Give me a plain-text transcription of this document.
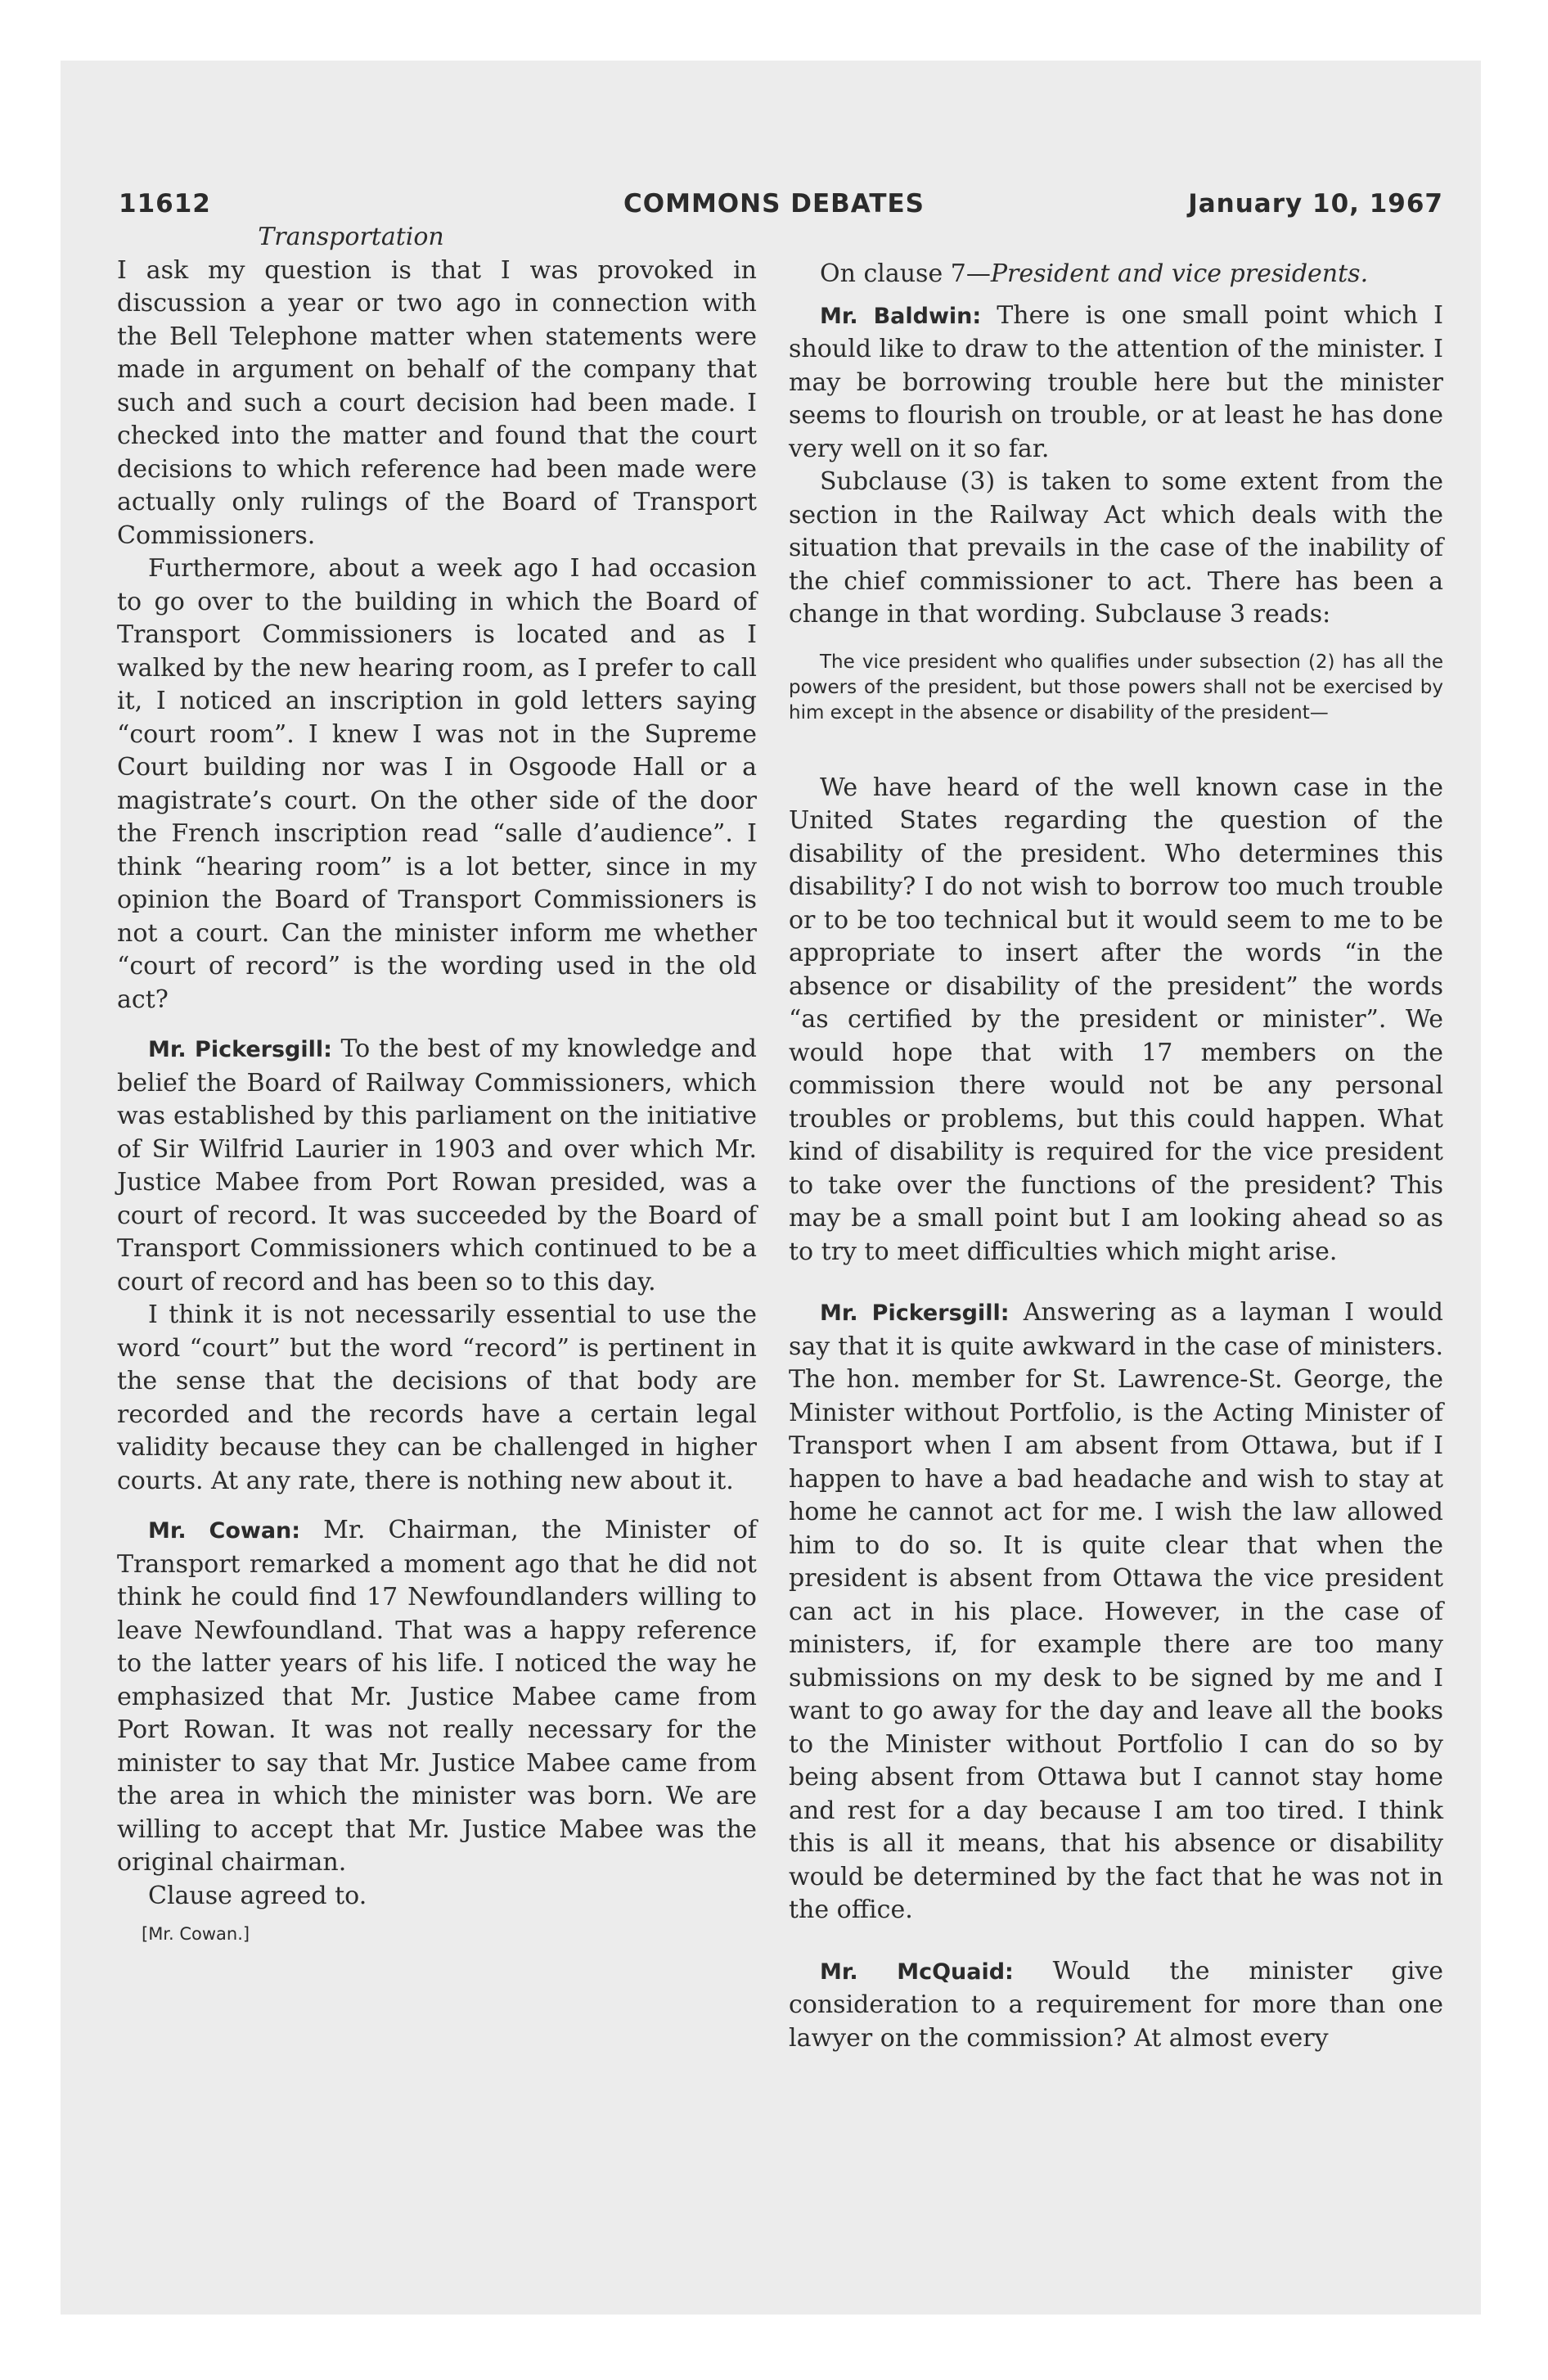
11612	COMMONS DEBATES	January 10, 1967
Transportation

I ask my question is that I was provoked in discussion a year or two ago in connection with the Bell Telephone matter when statements were made in argument on behalf of the company that such and such a court decision had been made. I checked into the matter and found that the court decisions to which reference had been made were actually only rulings of the Board of Transport Commissioners.

Furthermore, about a week ago I had occasion to go over to the building in which the Board of Transport Commissioners is located and as I walked by the new hearing room, as I prefer to call it, I noticed an inscription in gold letters saying “court room”. I knew I was not in the Supreme Court building nor was I in Osgoode Hall or a magistrate’s court. On the other side of the door the French inscription read “salle d’audience”. I think “hearing room” is a lot better, since in my opinion the Board of Transport Commissioners is not a court. Can the minister inform me whether “court of record” is the wording used in the old act?

Mr. Pickersgill: To the best of my knowledge and belief the Board of Railway Commissioners, which was established by this parliament on the initiative of Sir Wilfrid Laurier in 1903 and over which Mr. Justice Mabee from Port Rowan presided, was a court of record. It was succeeded by the Board of Transport Commissioners which continued to be a court of record and has been so to this day.

I think it is not necessarily essential to use the word “court” but the word “record” is pertinent in the sense that the decisions of that body are recorded and the records have a certain legal validity because they can be challenged in higher courts. At any rate, there is nothing new about it.

Mr. Cowan: Mr. Chairman, the Minister of Transport remarked a moment ago that he did not think he could find 17 Newfoundlanders willing to leave Newfoundland. That was a happy reference to the latter years of his life. I noticed the way he emphasized that Mr. Justice Mabee came from Port Rowan. It was not really necessary for the minister to say that Mr. Justice Mabee came from the area in which the minister was born. We are willing to accept that Mr. Justice Mabee was the original chairman.

Clause agreed to.

[Mr. Cowan.]

On clause 7—President and vice presidents.

Mr. Baldwin: There is one small point which I should like to draw to the attention of the minister. I may be borrowing trouble here but the minister seems to flourish on trouble, or at least he has done very well on it so far.

Subclause (3) is taken to some extent from the section in the Railway Act which deals with the situation that prevails in the case of the inability of the chief commissioner to act. There has been a change in that wording. Subclause 3 reads:

The vice president who qualifies under subsection (2) has all the powers of the president, but those powers shall not be exercised by him except in the absence or disability of the president—

We have heard of the well known case in the United States regarding the question of the disability of the president. Who determines this disability? I do not wish to borrow too much trouble or to be too technical but it would seem to me to be appropriate to insert after the words “in the absence or disability of the president” the words “as certified by the president or minister”. We would hope that with 17 members on the commission there would not be any personal troubles or problems, but this could happen. What kind of disability is required for the vice president to take over the functions of the president? This may be a small point but I am looking ahead so as to try to meet difficulties which might arise.

Mr. Pickersgill: Answering as a layman I would say that it is quite awkward in the case of ministers. The hon. member for St. Lawrence-St. George, the Minister without Portfolio, is the Acting Minister of Transport when I am absent from Ottawa, but if I happen to have a bad headache and wish to stay at home he cannot act for me. I wish the law allowed him to do so. It is quite clear that when the president is absent from Ottawa the vice president can act in his place. However, in the case of ministers, if, for example there are too many submissions on my desk to be signed by me and I want to go away for the day and leave all the books to the Minister without Portfolio I can do so by being absent from Ottawa but I cannot stay home and rest for a day because I am too tired. I think this is all it means, that his absence or disability would be determined by the fact that he was not in the office.

Mr. McQuaid: Would the minister give consideration to a requirement for more than one lawyer on the commission? At almost every
